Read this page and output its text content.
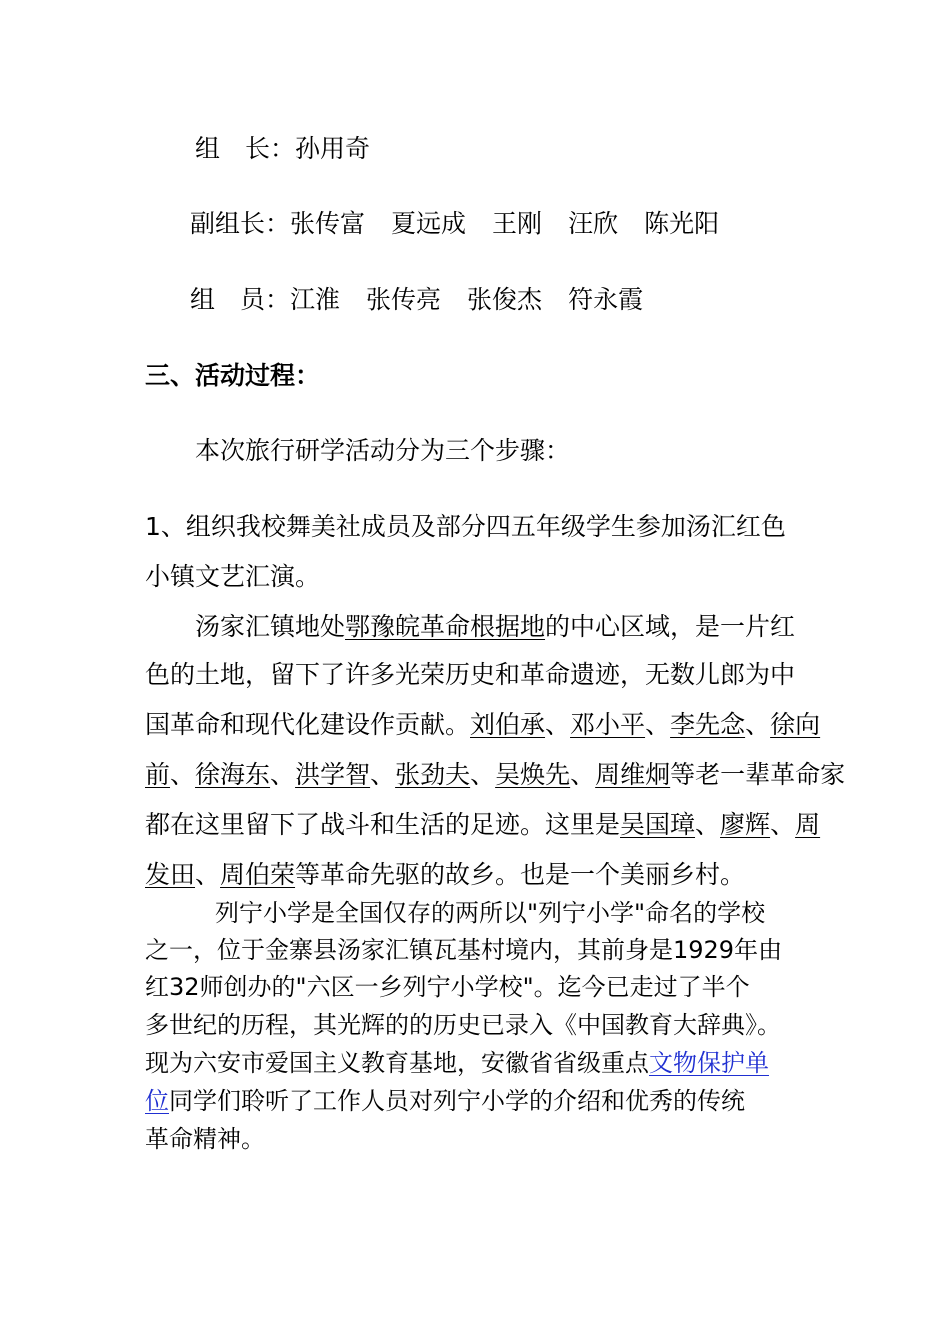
组　长：孙用奇
副组长：张传富 夏远成 王刚 汪欣 陈光阳
组　员：江淮 张传亮 张俊杰 符永霞
三、活动过程：
本次旅行研学活动分为三个步骤：
1、组织我校舞美社成员及部分四五年级学生参加汤汇红色
小镇文艺汇演。
汤家汇镇地处鄂豫皖革命根据地的中心区域，是一片红
色的土地，留下了许多光荣历史和革命遗迹，无数儿郎为中
国革命和现代化建设作贡献。刘伯承、邓小平、李先念、徐向
前、徐海东、洪学智、张劲夫、吴焕先、周维炯等老一辈革命家
都在这里留下了战斗和生活的足迹。这里是吴国璋、廖辉、周
发田、周伯荣等革命先驱的故乡。也是一个美丽乡村。
列宁小学是全国仅存的两所以"列宁小学"命名的学校
之一，位于金寨县汤家汇镇瓦基村境内，其前身是1929年由
红32师创办的"六区一乡列宁小学校"。迄今已走过了半个
多世纪的历程，其光辉的的历史已录入《中国教育大辞典》。
现为六安市爱国主义教育基地，安徽省省级重点文物保护单
位同学们聆听了工作人员对列宁小学的介绍和优秀的传统
革命精神。
